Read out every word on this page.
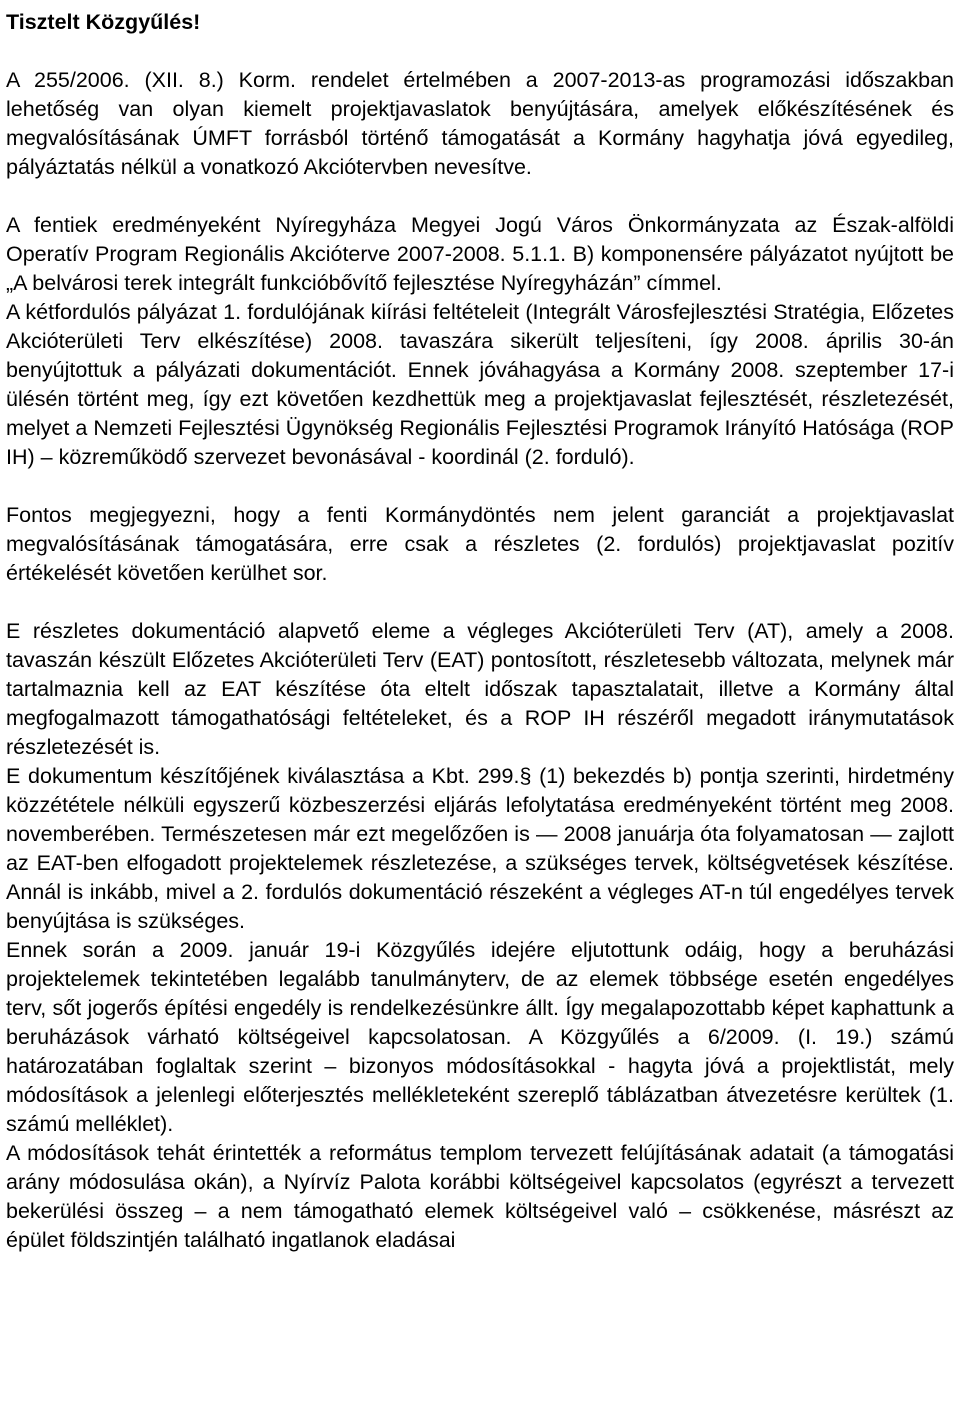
Tisztelt Közgyűlés!

A 255/2006. (XII. 8.) Korm. rendelet értelmében a 2007-2013-as programozási időszakban lehetőség van olyan kiemelt projektjavaslatok benyújtására, amelyek előkészítésének és megvalósításának ÚMFT forrásból történő támogatását a Kormány hagyhatja jóvá egyedileg, pályáztatás nélkül a vonatkozó Akciótervben nevesítve.

A fentiek eredményeként Nyíregyháza Megyei Jogú Város Önkormányzata az Észak-alföldi Operatív Program Regionális Akcióterve 2007-2008. 5.1.1. B) komponensére pályázatot nyújtott be „A belvárosi terek integrált funkcióbővítő fejlesztése Nyíregyházán” címmel.

A kétfordulós pályázat 1. fordulójának kiírási feltételeit (Integrált Városfejlesztési Stratégia, Előzetes Akcióterületi Terv elkészítése) 2008. tavaszára sikerült teljesíteni, így 2008. április 30-án benyújtottuk a pályázati dokumentációt. Ennek jóváhagyása a Kormány 2008. szeptember 17-i ülésén történt meg, így ezt követően kezdhettük meg a projektjavaslat fejlesztését, részletezését, melyet a Nemzeti Fejlesztési Ügynökség Regionális Fejlesztési Programok Irányító Hatósága (ROP IH) – közreműködő szervezet bevonásával - koordinál (2. forduló).

Fontos megjegyezni, hogy a fenti Kormánydöntés nem jelent garanciát a projektjavaslat megvalósításának támogatására, erre csak a részletes (2. fordulós) projektjavaslat pozitív értékelését követően kerülhet sor.

E részletes dokumentáció alapvető eleme a végleges Akcióterületi Terv (AT), amely a 2008. tavaszán készült Előzetes Akcióterületi Terv (EAT) pontosított, részletesebb változata, melynek már tartalmaznia kell az EAT készítése óta eltelt időszak tapasztalatait, illetve a Kormány által megfogalmazott támogathatósági feltételeket, és a ROP IH részéről megadott iránymutatások részletezését is.

E dokumentum készítőjének kiválasztása a Kbt. 299.§ (1) bekezdés b) pontja szerinti, hirdetmény közzététele nélküli egyszerű közbeszerzési eljárás lefolytatása eredményeként történt meg 2008. novemberében. Természetesen már ezt megelőzően is — 2008 januárja óta folyamatosan — zajlott az EAT-ben elfogadott projektelemek részletezése, a szükséges tervek, költségvetések készítése. Annál is inkább, mivel a 2. fordulós dokumentáció részeként a végleges AT-n túl engedélyes tervek benyújtása is szükséges.

Ennek során a 2009. január 19-i Közgyűlés idejére eljutottunk odáig, hogy a beruházási projektelemek tekintetében legalább tanulmányterv, de az elemek többsége esetén engedélyes terv, sőt jogerős építési engedély is rendelkezésünkre állt. Így megalapozottabb képet kaphattunk a beruházások várható költségeivel kapcsolatosan. A Közgyűlés a 6/2009. (I. 19.) számú határozatában foglaltak szerint – bizonyos módosításokkal - hagyta jóvá a projektlistát, mely módosítások a jelenlegi előterjesztés mellékleteként szereplő táblázatban átvezetésre kerültek (1. számú melléklet).

A módosítások tehát érintették a református templom tervezett felújításának adatait (a támogatási arány módosulása okán), a Nyírvíz Palota korábbi költségeivel kapcsolatos (egyrészt a tervezett bekerülési összeg – a nem támogatható elemek költségeivel való – csökkenése, másrészt az épület földszintjén található ingatlanok eladásai
